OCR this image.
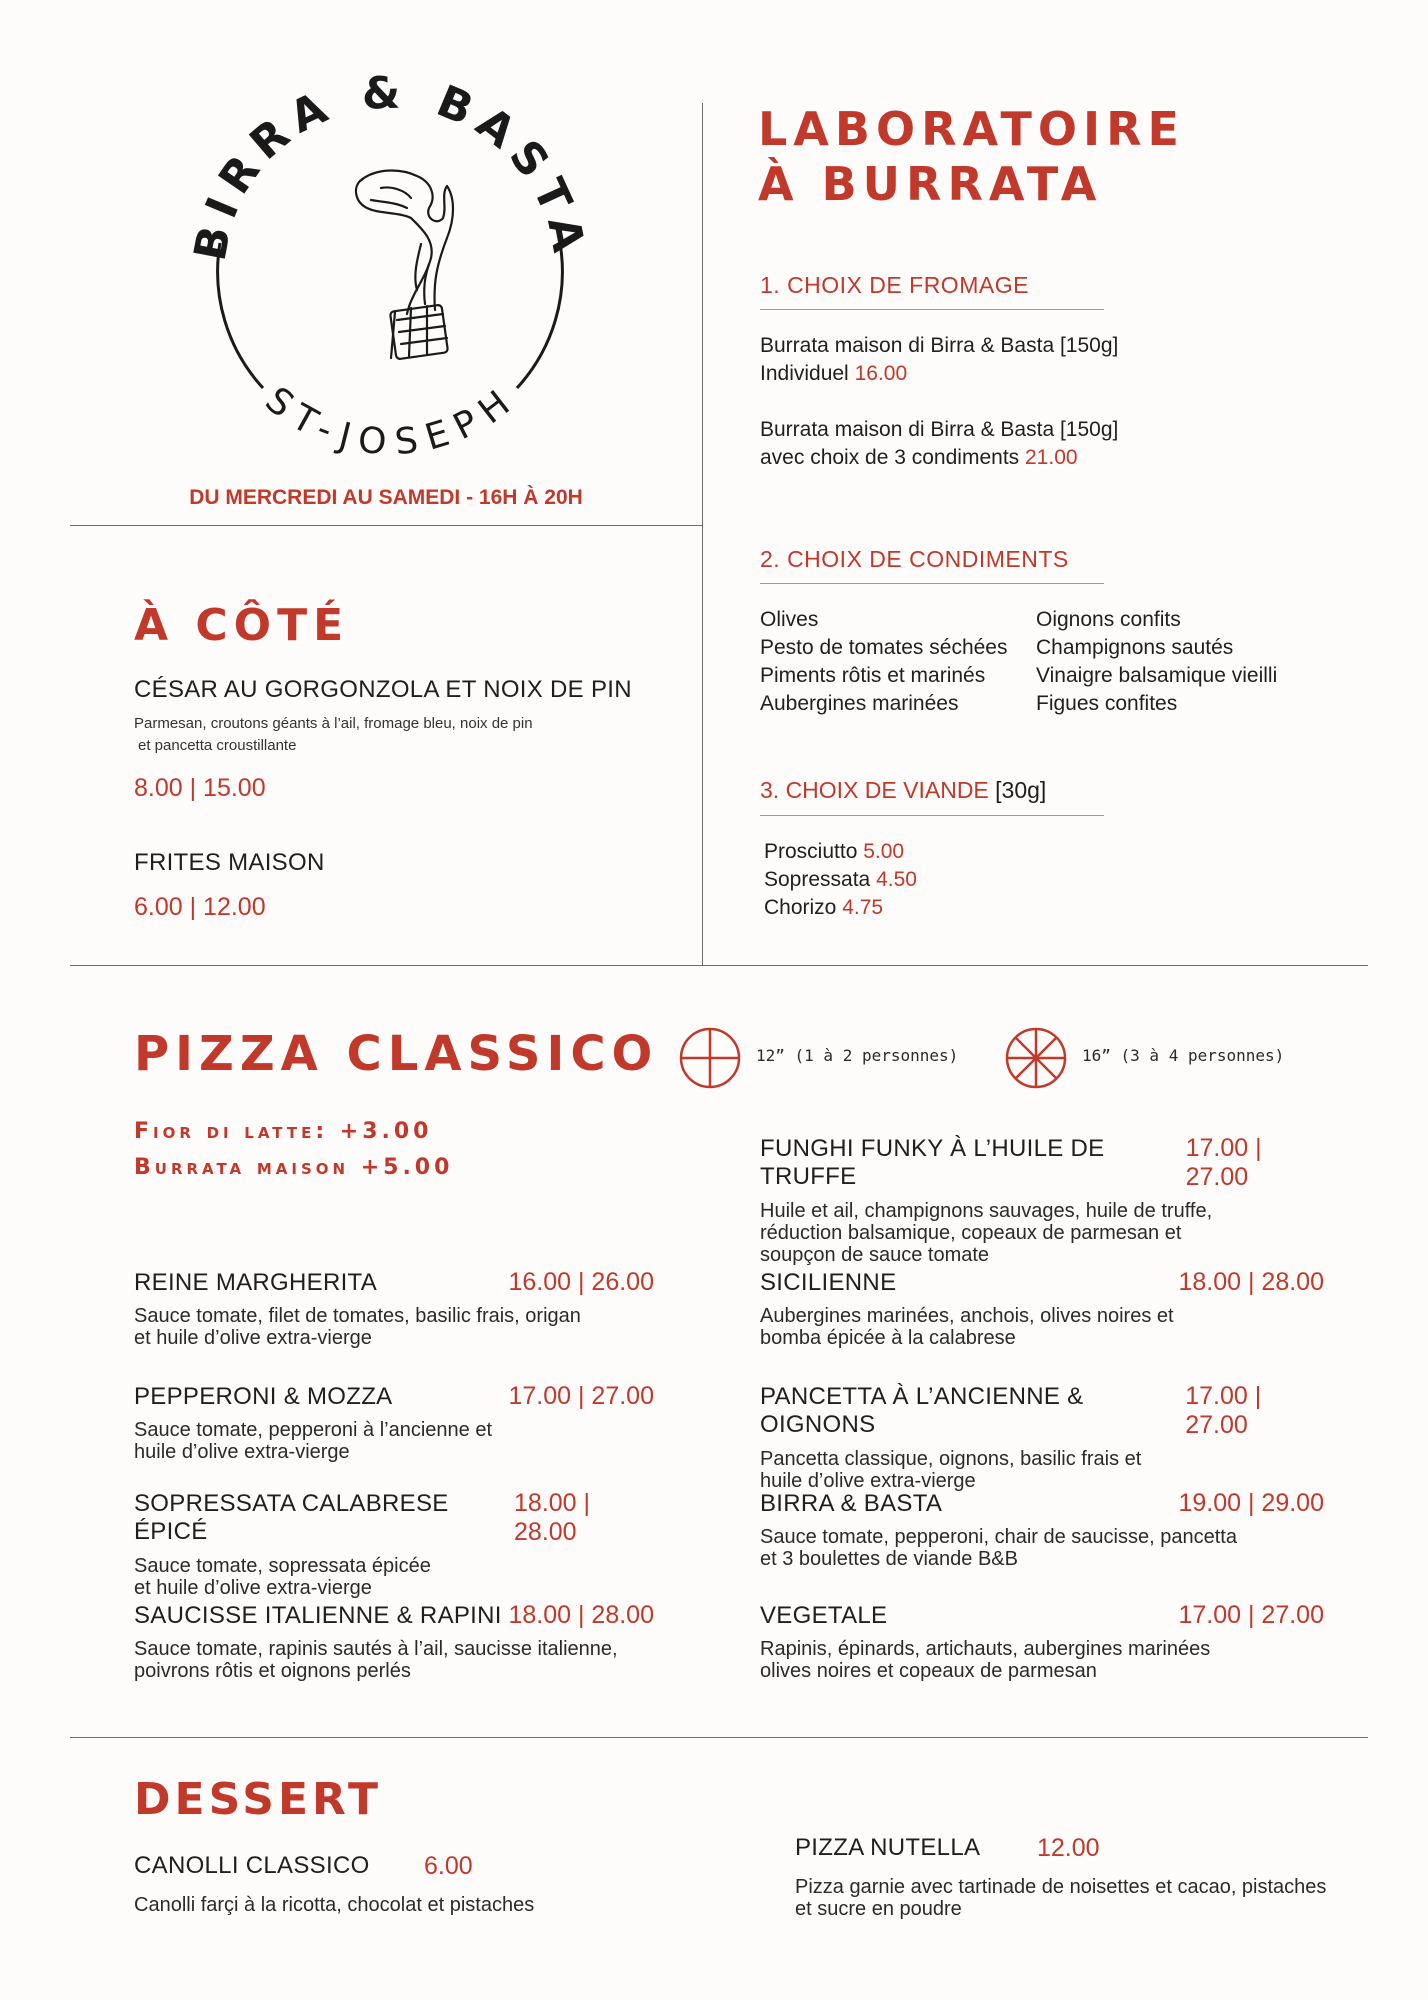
BIRRA & BASTA
ST-JOSEPH
DU MERCREDI AU SAMEDI - 16H À 20H
LABORATOIRE
À BURRATA
1. CHOIX DE FROMAGE
Burrata maison di Birra & Basta [150g]
Individuel 16.00
Burrata maison di Birra & Basta [150g]
avec choix de 3 condiments 21.00
2. CHOIX DE CONDIMENTS
Olives
Pesto de tomates séchées
Piments rôtis et marinés
Aubergines marinées
Oignons confits
Champignons sautés
Vinaigre balsamique vieilli
Figues confites
3. CHOIX DE VIANDE [30g]
Prosciutto 5.00
Sopressata 4.50
Chorizo 4.75
À CÔTÉ
CÉSAR AU GORGONZOLA ET NOIX DE PIN
Parmesan, croutons géants à l’ail, fromage bleu, noix de pin
et pancetta croustillante
8.00 | 15.00
FRITES MAISON
6.00 | 12.00
PIZZA CLASSICO	12” (1 à 2 personnes)	16” (3 à 4 personnes)
Fior di latte: +3.00
Burrata maison +5.00
REINE MARGHERITA	16.00 | 26.00
Sauce tomate, filet de tomates, basilic frais, origan
et huile d’olive extra-vierge
PEPPERONI & MOZZA	17.00 | 27.00
Sauce tomate, pepperoni à l’ancienne et
huile d’olive extra-vierge
SOPRESSATA CALABRESE ÉPICÉ
18.00 | 28.00
Sauce tomate, sopressata épicée
et huile d’olive extra-vierge
SAUCISSE ITALIENNE & RAPINI 18.00 | 28.00
Sauce tomate, rapinis sautés à l’ail, saucisse italienne,
poivrons rôtis et oignons perlés
FUNGHI FUNKY À L’HUILE DE TRUFFE
17.00 | 27.00
Huile et ail, champignons sauvages, huile de truffe,
réduction balsamique, copeaux de parmesan et
soupçon de sauce tomate
SICILIENNE	18.00 | 28.00
Aubergines marinées, anchois, olives noires et
bomba épicée à la calabrese
PANCETTA À L’ANCIENNE & OIGNONS
17.00 | 27.00
Pancetta classique, oignons, basilic frais et
huile d’olive extra-vierge
BIRRA & BASTA	19.00 | 29.00
Sauce tomate, pepperoni, chair de saucisse, pancetta
et 3 boulettes de viande B&B
VEGETALE	17.00 | 27.00
Rapinis, épinards, artichauts, aubergines marinées
olives noires et copeaux de parmesan
DESSERT
CANOLLI CLASSICO 6.00
Canolli farçi à la ricotta, chocolat et pistaches
PIZZA NUTELLA 12.00
Pizza garnie avec tartinade de noisettes et cacao, pistaches
et sucre en poudre
